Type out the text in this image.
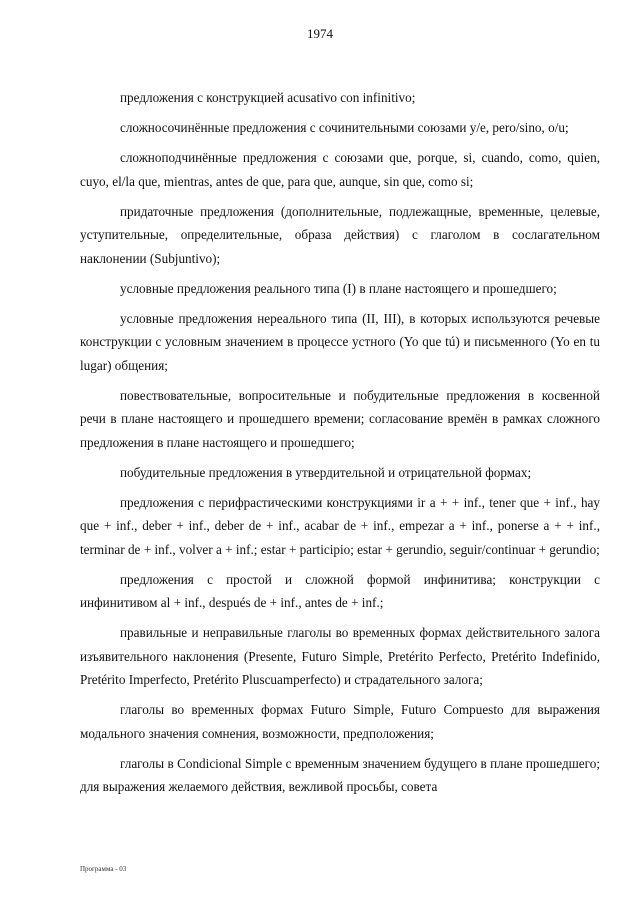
1974

предложения с конструкцией acusativo con infinitivo;

сложносочинённые предложения с сочинительными союзами y/e, pero/sino, o/u;

сложноподчинённые предложения с союзами que, porque, si, cuando, como, quien, cuyo, el/la que, mientras, antes de que, para que, aunque, sin que, como si;

придаточные предложения (дополнительные, подлежащные, временные, целевые, уступительные, определительные, образа действия) с глаголом в сослагательном наклонении (Subjuntivo);

условные предложения реального типа (I) в плане настоящего и прошедшего;

условные предложения нереального типа (II, III), в которых используются речевые конструкции с условным значением в процессе устного (Yo que tú) и письменного (Yo en tu lugar) общения;

повествовательные, вопросительные и побудительные предложения в косвенной речи в плане настоящего и прошедшего времени; согласование времён в рамках сложного предложения в плане настоящего и прошедшего;

побудительные предложения в утвердительной и отрицательной формах;

предложения с перифрастическими конструкциями ir a + + inf., tener que + inf., hay que + inf., deber + inf., deber de + inf., acabar de + inf., empezar a + inf., ponerse a + + inf., terminar de + inf., volver a + inf.; estar + participio; estar + gerundio, seguir/continuar + gerundio;

предложения с простой и сложной формой инфинитива; конструкции с инфинитивом al + inf., después de + inf., antes de + inf.;

правильные и неправильные глаголы во временных формах действительного залога изъявительного наклонения (Presente, Futuro Simple, Pretérito Perfecto, Pretérito Indefinido, Pretérito Imperfecto, Pretérito Pluscuamperfecto) и страдательного залога;

глаголы во временных формах Futuro Simple, Futuro Compuesto для выражения модального значения сомнения, возможности, предположения;

глаголы в Condicional Simple с временным значением будущего в плане прошедшего; для выражения желаемого действия, вежливой просьбы, совета

Программа - 03
